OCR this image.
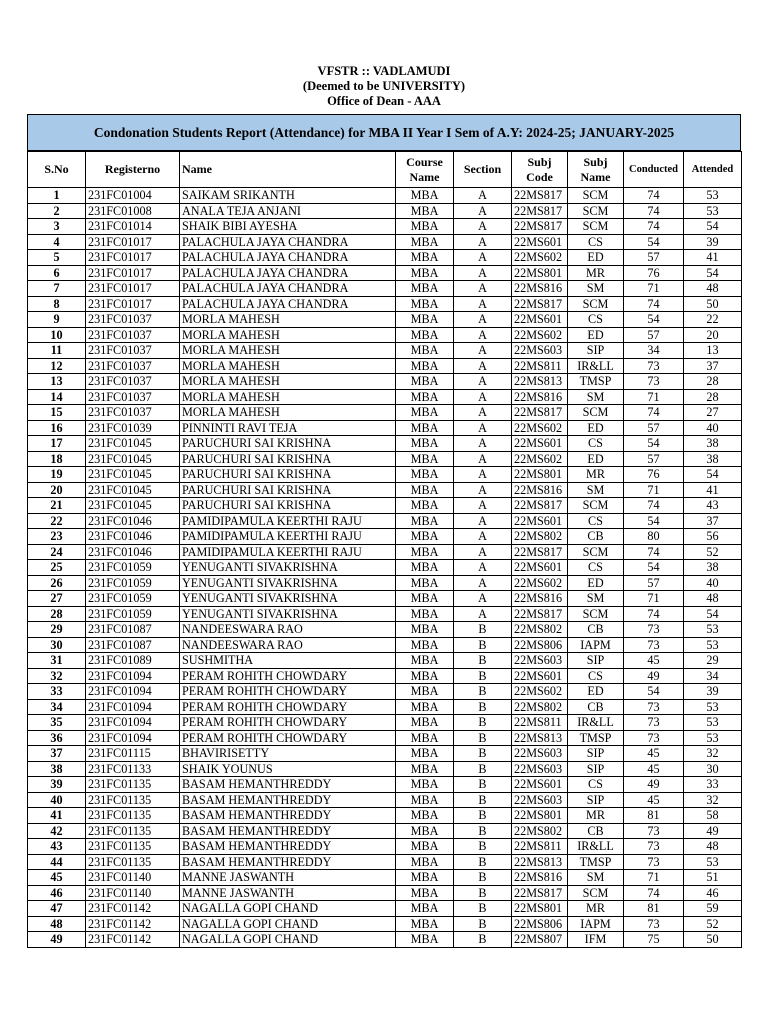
VFSTR :: VADLAMUDI
(Deemed to be UNIVERSITY)
Office of Dean - AAA
Condonation Students Report (Attendance) for MBA II Year I Sem of A.Y: 2024-25; JANUARY-2025
S.No	Registerno	Name	Course Name	Section	Subj Code	Subj Name	Conducted	Attended
1	231FC01004	SAIKAM SRIKANTH	MBA	A	22MS817	SCM	74	53
2	231FC01008	ANALA TEJA ANJANI	MBA	A	22MS817	SCM	74	53
3	231FC01014	SHAIK BIBI AYESHA	MBA	A	22MS817	SCM	74	54
4	231FC01017	PALACHULA JAYA CHANDRA	MBA	A	22MS601	CS	54	39
5	231FC01017	PALACHULA JAYA CHANDRA	MBA	A	22MS602	ED	57	41
6	231FC01017	PALACHULA JAYA CHANDRA	MBA	A	22MS801	MR	76	54
7	231FC01017	PALACHULA JAYA CHANDRA	MBA	A	22MS816	SM	71	48
8	231FC01017	PALACHULA JAYA CHANDRA	MBA	A	22MS817	SCM	74	50
9	231FC01037	MORLA MAHESH	MBA	A	22MS601	CS	54	22
10	231FC01037	MORLA MAHESH	MBA	A	22MS602	ED	57	20
11	231FC01037	MORLA MAHESH	MBA	A	22MS603	SIP	34	13
12	231FC01037	MORLA MAHESH	MBA	A	22MS811	IR&LL	73	37
13	231FC01037	MORLA MAHESH	MBA	A	22MS813	TMSP	73	28
14	231FC01037	MORLA MAHESH	MBA	A	22MS816	SM	71	28
15	231FC01037	MORLA MAHESH	MBA	A	22MS817	SCM	74	27
16	231FC01039	PINNINTI RAVI TEJA	MBA	A	22MS602	ED	57	40
17	231FC01045	PARUCHURI SAI KRISHNA	MBA	A	22MS601	CS	54	38
18	231FC01045	PARUCHURI SAI KRISHNA	MBA	A	22MS602	ED	57	38
19	231FC01045	PARUCHURI SAI KRISHNA	MBA	A	22MS801	MR	76	54
20	231FC01045	PARUCHURI SAI KRISHNA	MBA	A	22MS816	SM	71	41
21	231FC01045	PARUCHURI SAI KRISHNA	MBA	A	22MS817	SCM	74	43
22	231FC01046	PAMIDIPAMULA KEERTHI RAJU	MBA	A	22MS601	CS	54	37
23	231FC01046	PAMIDIPAMULA KEERTHI RAJU	MBA	A	22MS802	CB	80	56
24	231FC01046	PAMIDIPAMULA KEERTHI RAJU	MBA	A	22MS817	SCM	74	52
25	231FC01059	YENUGANTI SIVAKRISHNA	MBA	A	22MS601	CS	54	38
26	231FC01059	YENUGANTI SIVAKRISHNA	MBA	A	22MS602	ED	57	40
27	231FC01059	YENUGANTI SIVAKRISHNA	MBA	A	22MS816	SM	71	48
28	231FC01059	YENUGANTI SIVAKRISHNA	MBA	A	22MS817	SCM	74	54
29	231FC01087	NANDEESWARA RAO	MBA	B	22MS802	CB	73	53
30	231FC01087	NANDEESWARA RAO	MBA	B	22MS806	IAPM	73	53
31	231FC01089	SUSHMITHA	MBA	B	22MS603	SIP	45	29
32	231FC01094	PERAM ROHITH CHOWDARY	MBA	B	22MS601	CS	49	34
33	231FC01094	PERAM ROHITH CHOWDARY	MBA	B	22MS602	ED	54	39
34	231FC01094	PERAM ROHITH CHOWDARY	MBA	B	22MS802	CB	73	53
35	231FC01094	PERAM ROHITH CHOWDARY	MBA	B	22MS811	IR&LL	73	53
36	231FC01094	PERAM ROHITH CHOWDARY	MBA	B	22MS813	TMSP	73	53
37	231FC01115	BHAVIRISETTY	MBA	B	22MS603	SIP	45	32
38	231FC01133	SHAIK YOUNUS	MBA	B	22MS603	SIP	45	30
39	231FC01135	BASAM HEMANTHREDDY	MBA	B	22MS601	CS	49	33
40	231FC01135	BASAM HEMANTHREDDY	MBA	B	22MS603	SIP	45	32
41	231FC01135	BASAM HEMANTHREDDY	MBA	B	22MS801	MR	81	58
42	231FC01135	BASAM HEMANTHREDDY	MBA	B	22MS802	CB	73	49
43	231FC01135	BASAM HEMANTHREDDY	MBA	B	22MS811	IR&LL	73	48
44	231FC01135	BASAM HEMANTHREDDY	MBA	B	22MS813	TMSP	73	53
45	231FC01140	MANNE JASWANTH	MBA	B	22MS816	SM	71	51
46	231FC01140	MANNE JASWANTH	MBA	B	22MS817	SCM	74	46
47	231FC01142	NAGALLA GOPI CHAND	MBA	B	22MS801	MR	81	59
48	231FC01142	NAGALLA GOPI CHAND	MBA	B	22MS806	IAPM	73	52
49	231FC01142	NAGALLA GOPI CHAND	MBA	B	22MS807	IFM	75	50
